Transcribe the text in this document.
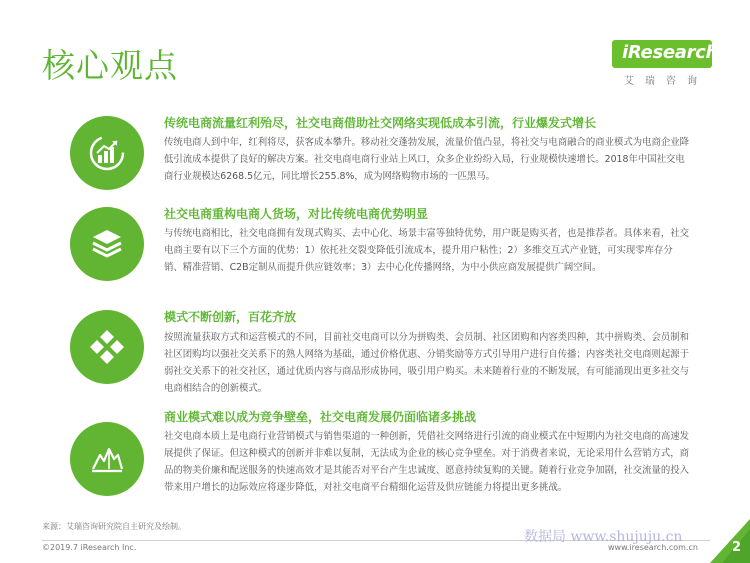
核心观点	iResearch
艾瑞咨询
传统电商流量红利殆尽，社交电商借助社交网络实现低成本引流，行业爆发式增长
传统电商人到中年，红利将尽，获客成本攀升。移动社交蓬勃发展，流量价值凸显，将社交与电商融合的商业模式为电商企业降低引流成本提供了良好的解决方案。社交电商电商行业站上风口，众多企业纷纷入局，行业规模快速增长。2018年中国社交电商行业规模达6268.5亿元，同比增长255.8%，成为网络购物市场的一匹黑马。
社交电商重构电商人货场，对比传统电商优势明显
与传统电商相比，社交电商拥有发现式购买、去中心化、场景丰富等独特优势，用户既是购买者，也是推荐者。具体来看，社交电商主要有以下三个方面的优势：1）依托社交裂变降低引流成本，提升用户粘性；2）多维交互式产业链，可实现零库存分销、精准营销、C2B定制从而提升供应链效率；3）去中心化传播网络，为中小供应商发展提供广阔空间。
模式不断创新，百花齐放
按照流量获取方式和运营模式的不同，目前社交电商可以分为拼购类、会员制、社区团购和内容类四种，其中拼购类、会员制和社区团购均以强社交关系下的熟人网络为基础，通过价格优惠、分销奖励等方式引导用户进行自传播；内容类社交电商则起源于弱社交关系下的社交社区，通过优质内容与商品形成协同，吸引用户购买。未来随着行业的不断发展，有可能涌现出更多社交与电商相结合的创新模式。
商业模式难以成为竞争壁垒，社交电商发展仍面临诸多挑战
社交电商本质上是电商行业营销模式与销售渠道的一种创新，凭借社交网络进行引流的商业模式在中短期内为社交电商的高速发展提供了保证。但这种模式的创新并非难以复制，无法成为企业的核心竞争壁垒。对于消费者来说，无论采用什么营销方式，商品的物美价廉和配送服务的快速高效才是其能否对平台产生忠诚度、愿意持续复购的关键。随着行业竞争加剧，社交流量的投入带来用户增长的边际效应将逐步降低，对社交电商平台精细化运营及供应链能力将提出更多挑战。
来源：艾瑞咨询研究院自主研究及绘制。
©2019.7 iResearch Inc.
数据局 www.shujuju.cn
www.iresearch.com.cn	2
